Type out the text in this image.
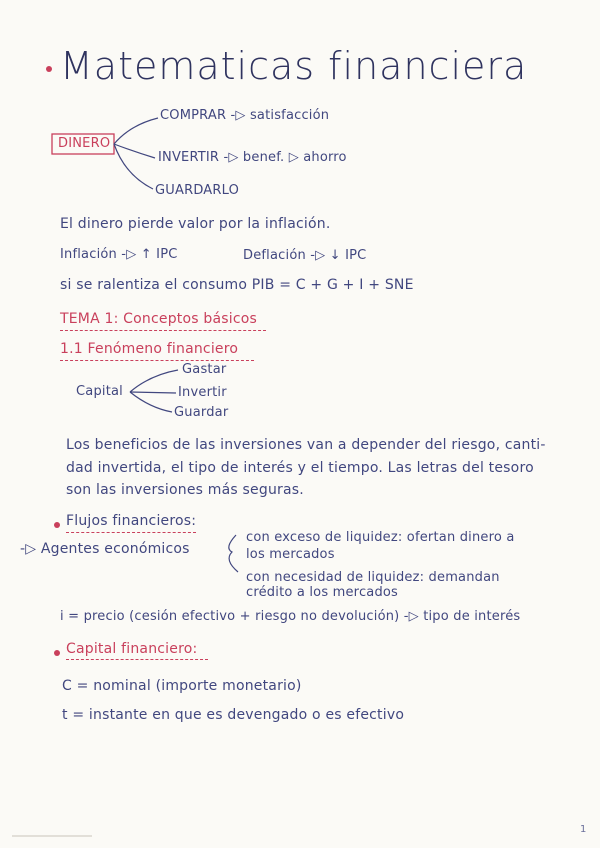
Matematicas financiera
DINERO
COMPRAR -▷ satisfacción
INVERTIR -▷ benef. ▷ ahorro
GUARDARLO
El dinero pierde valor por la inflación.
Inflación -▷ ↑ IPC	Deflación -▷ ↓ IPC
si se ralentiza el consumo PIB = C + G + I + SNE
TEMA 1: Conceptos básicos
1.1 Fenómeno financiero
Capital
Gastar
Invertir
Guardar
Los beneficios de las inversiones van a depender del riesgo, canti-
dad invertida, el tipo de interés y el tiempo. Las letras del tesoro
son las inversiones más seguras.
Flujos financieros:
-▷ Agentes económicos
con exceso de liquidez: ofertan dinero a
los mercados
con necesidad de liquidez: demandan
crédito a los mercados
i = precio (cesión efectivo + riesgo no devolución) -▷ tipo de interés
Capital financiero:
C = nominal (importe monetario)
t = instante en que es devengado o es efectivo
1
